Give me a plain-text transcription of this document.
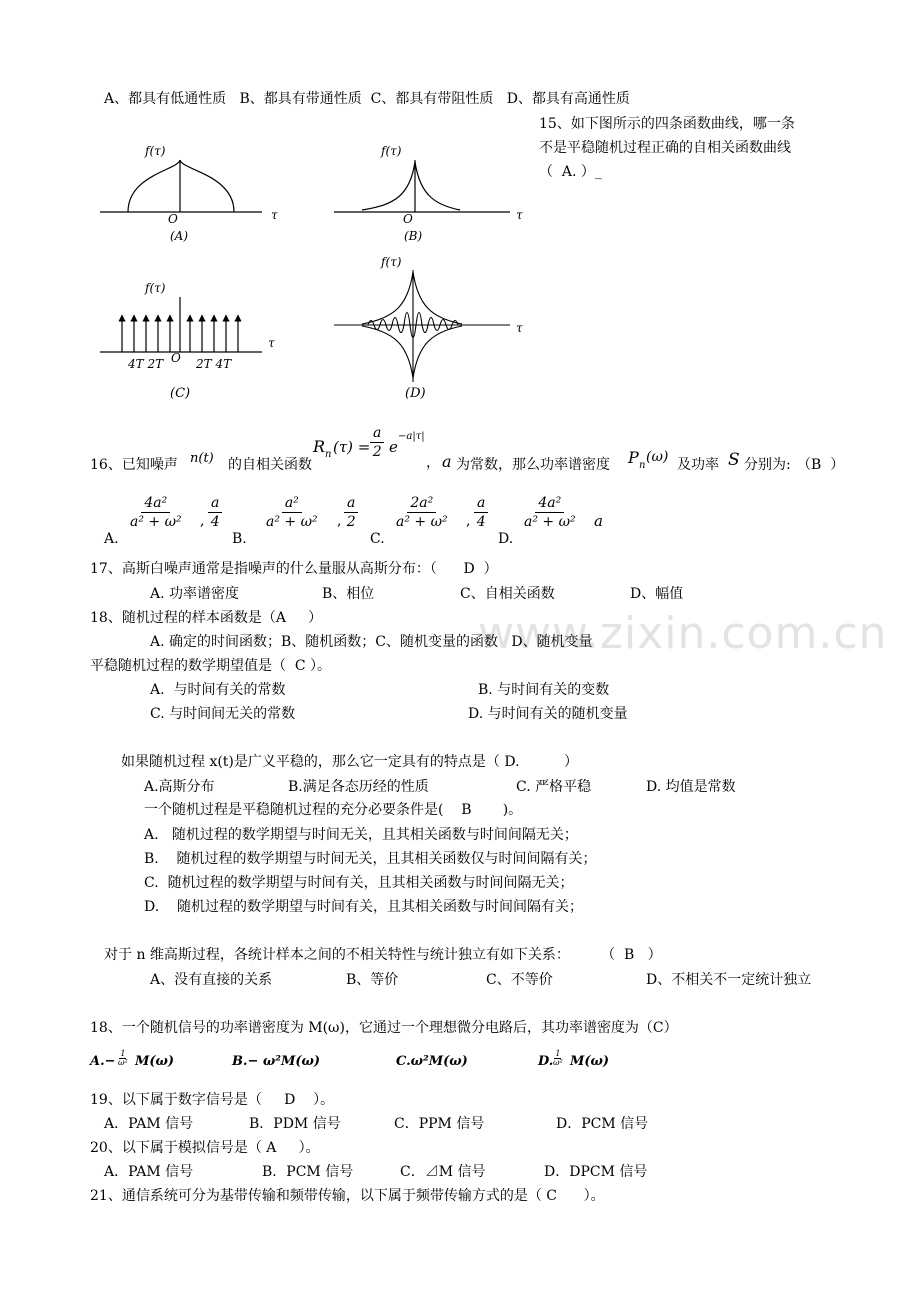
www.zixin.com.cn
A、都具有低通性质   B、都具有带通性质  C、都具有带阻性质   D、都具有高通性质
15、如下图所示的四条函数曲线，哪一条
不是平稳随机过程正确的自相关函数曲线
（  A. ）_
f(τ)
O	τ
(A)
f(τ)
O	τ
(B)
f(τ)
O
τ
4T 2T	2T 4T
(C)
f(τ)
τ
(D)
16、已知噪声 n(t) 的自相关函数
R n $(\tau) = \frac{a}{2}$ e
−a|τ|
， a 为常数，那么功率谱密度 P n
(ω) 及功率 S 分别为: （B  ）
A.
$\frac{\text{4a²}}{\text{a² + ω²}}$ , $\frac{a}{4}$
B.
$\frac{\text{a²}}{\text{a² + ω²}}$ , $\frac{a}{2}$
C.
$\frac{\text{2a²}}{\text{a² + ω²}}$ , $\frac{a}{4}$
D.
$\frac{\text{4a²}}{\text{a² + ω²}}$ a
17、高斯白噪声通常是指噪声的什么量服从高斯分布：（      D  ）
A. 功率谱密度	B、相位	C、自相关函数	D、幅值
18、随机过程的样本函数是（A     ）
A. 确定的时间函数；B、随机函数；C、随机变量的函数   D、随机变量
平稳随机过程的数学期望值是（  C ）。
A.  与时间有关的常数	B. 与时间有关的变数
C. 与时间间无关的常数	D. 与时间有关的随机变量
如果随机过程 x(t)是广义平稳的，那么它一定具有的特点是（ D.          ）
A.高斯分布	B.满足各态历经的性质	C. 严格平稳	D. 均值是常数
一个随机过程是平稳随机过程的充分必要条件是(    B       )。
A.   随机过程的数学期望与时间无关，且其相关函数与时间间隔无关；
B.    随机过程的数学期望与时间无关，且其相关函数仅与时间间隔有关；
C.  随机过程的数学期望与时间有关，且其相关函数与时间间隔无关；
D.    随机过程的数学期望与时间有关，且其相关函数与时间间隔有关；
对于 n 维高斯过程，各统计样本之间的不相关特性与统计独立有如下关系：       （  B   ）
A、没有直接的关系	B、等价	C、不等价	D、不相关不一定统计独立
18、一个随机信号的功率谱密度为 M(ω)，它通过一个理想微分电路后，其功率谱密度为（C）
$A.- \frac{1}{\text{ω²}} M(\omega)$	B.− ω²M(ω)	C.ω²M(ω)	D. $\frac{1}{\text{ω²}} M(\omega)$
19、以下属于数字信号是（     D    ）。
A．PAM 信号	B．PDM 信号	C．PPM 信号	D．PCM 信号
20、以下属于模拟信号是（ A     ）。
A．PAM 信号	B．PCM 信号	C．⊿M 信号	D．DPCM 信号
21、通信系统可分为基带传输和频带传输，以下属于频带传输方式的是（ C      ）。
